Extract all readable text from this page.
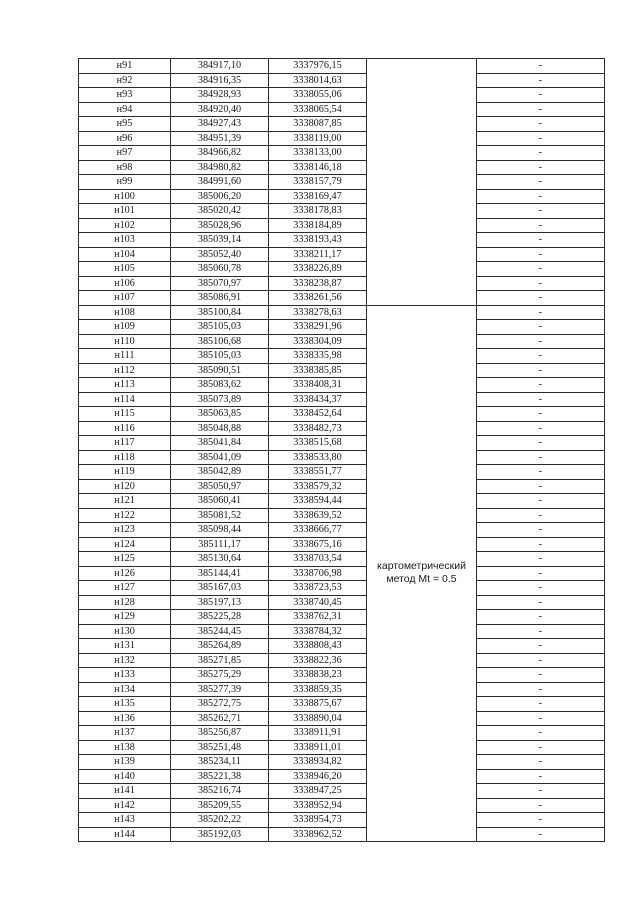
н91	384917,10	3337976,15		-
н92	384916,35	3338014,63		-
н93	384928,93	3338055,06		-
н94	384920,40	3338065,54		-
н95	384927,43	3338087,85		-
н96	384951,39	3338119,00		-
н97	384966,82	3338133,00		-
н98	384980,82	3338146,18		-
н99	384991,60	3338157,79		-
н100	385006,20	3338169,47		-
н101	385020,42	3338178,83		-
н102	385028,96	3338184,89		-
н103	385039,14	3338193,43		-
н104	385052,40	3338211,17		-
н105	385060,78	3338226,89		-
н106	385070,97	3338238,87		-
н107	385086,91	3338261,56		-
н108	385100,84	3338278,63	картометрический
метод Mt = 0.5	-
н109	385105,03	3338291,96		-
н110	385106,68	3338304,09		-
н111	385105,03	3338335,98		-
н112	385090,51	3338385,85		-
н113	385083,62	3338408,31		-
н114	385073,89	3338434,37		-
н115	385063,85	3338452,64		-
н116	385048,88	3338482,73		-
н117	385041,84	3338515,68		-
н118	385041,09	3338533,80		-
н119	385042,89	3338551,77		-
н120	385050,97	3338579,32		-
н121	385060,41	3338594,44		-
н122	385081,52	3338639,52		-
н123	385098,44	3338666,77		-
н124	385111,17	3338675,16		-
н125	385130,64	3338703,54		-
н126	385144,41	3338706,98		-
н127	385167,03	3338723,53		-
н128	385197,13	3338740,45		-
н129	385225,28	3338762,31		-
н130	385244,45	3338784,32		-
н131	385264,89	3338808,43		-
н132	385271,85	3338822,36		-
н133	385275,29	3338838,23		-
н134	385277,39	3338859,35		-
н135	385272,75	3338875,67		-
н136	385262,71	3338890,04		-
н137	385256,87	3338911,91		-
н138	385251,48	3338911,01		-
н139	385234,11	3338934,82		-
н140	385221,38	3338946,20		-
н141	385216,74	3338947,25		-
н142	385209,55	3338952,94		-
н143	385202,22	3338954,73		-
н144	385192,03	3338962,52		-
